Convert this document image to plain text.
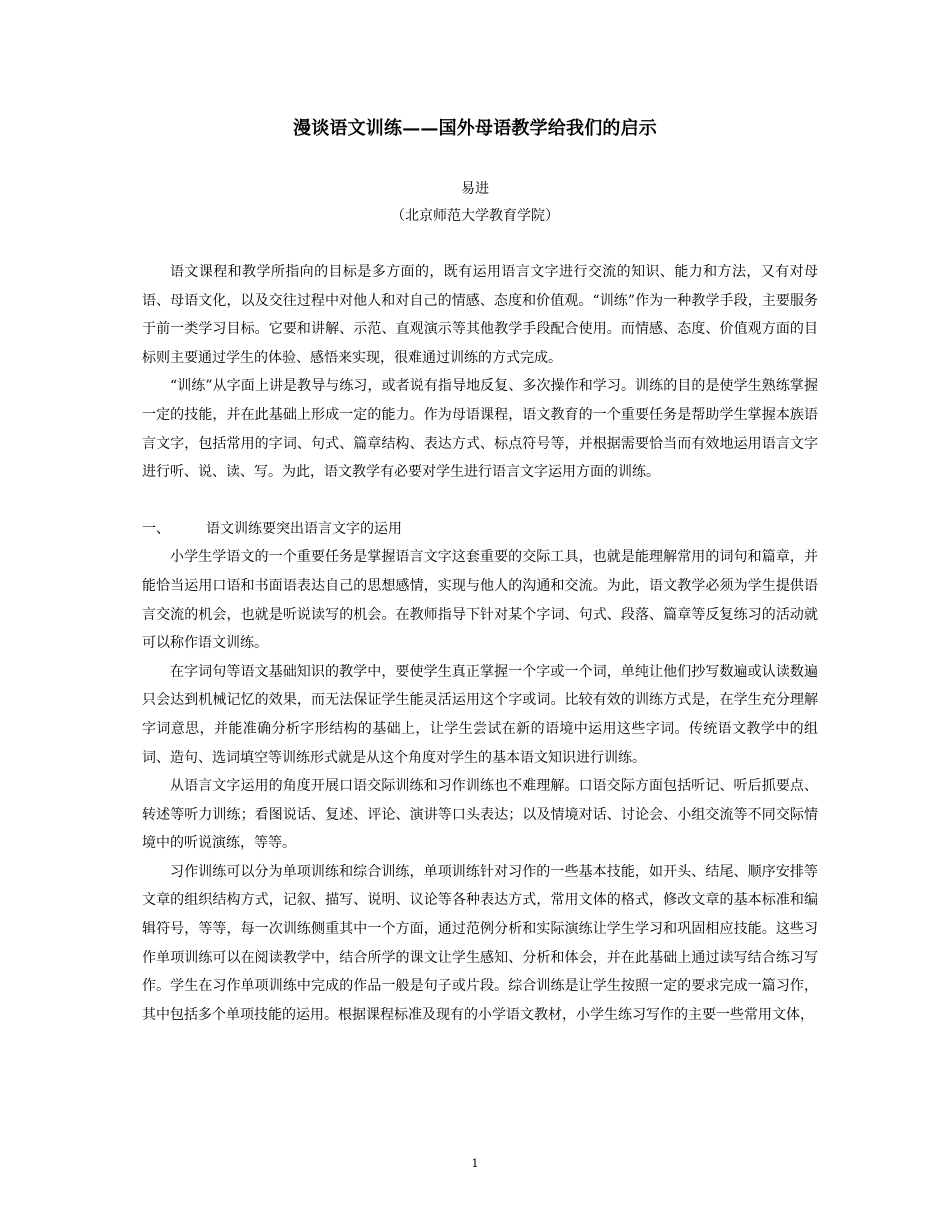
漫谈语文训练——国外母语教学给我们的启示
易进
（北京师范大学教育学院）

语文课程和教学所指向的目标是多方面的，既有运用语言文字进行交流的知识、能力和方法，又有对母语、母语文化，以及交往过程中对他人和对自己的情感、态度和价值观。“训练”作为一种教学手段，主要服务于前一类学习目标。它要和讲解、示范、直观演示等其他教学手段配合使用。而情感、态度、价值观方面的目标则主要通过学生的体验、感悟来实现，很难通过训练的方式完成。

“训练”从字面上讲是教导与练习，或者说有指导地反复、多次操作和学习。训练的目的是使学生熟练掌握一定的技能，并在此基础上形成一定的能力。作为母语课程，语文教育的一个重要任务是帮助学生掌握本族语言文字，包括常用的字词、句式、篇章结构、表达方式、标点符号等，并根据需要恰当而有效地运用语言文字进行听、说、读、写。为此，语文教学有必要对学生进行语言文字运用方面的训练。

一、	语文训练要突出语言文字的运用

小学生学语文的一个重要任务是掌握语言文字这套重要的交际工具，也就是能理解常用的词句和篇章，并能恰当运用口语和书面语表达自己的思想感情，实现与他人的沟通和交流。为此，语文教学必须为学生提供语言交流的机会，也就是听说读写的机会。在教师指导下针对某个字词、句式、段落、篇章等反复练习的活动就可以称作语文训练。

在字词句等语文基础知识的教学中，要使学生真正掌握一个字或一个词，单纯让他们抄写数遍或认读数遍只会达到机械记忆的效果，而无法保证学生能灵活运用这个字或词。比较有效的训练方式是，在学生充分理解字词意思，并能准确分析字形结构的基础上，让学生尝试在新的语境中运用这些字词。传统语文教学中的组词、造句、选词填空等训练形式就是从这个角度对学生的基本语文知识进行训练。

从语言文字运用的角度开展口语交际训练和习作训练也不难理解。口语交际方面包括听记、听后抓要点、转述等听力训练；看图说话、复述、评论、演讲等口头表达；以及情境对话、讨论会、小组交流等不同交际情境中的听说演练，等等。

习作训练可以分为单项训练和综合训练，单项训练针对习作的一些基本技能，如开头、结尾、顺序安排等文章的组织结构方式，记叙、描写、说明、议论等各种表达方式，常用文体的格式，修改文章的基本标准和编辑符号，等等，每一次训练侧重其中一个方面，通过范例分析和实际演练让学生学习和巩固相应技能。这些习作单项训练可以在阅读教学中，结合所学的课文让学生感知、分析和体会，并在此基础上通过读写结合练习写作。学生在习作单项训练中完成的作品一般是句子或片段。综合训练是让学生按照一定的要求完成一篇习作，其中包括多个单项技能的运用。根据课程标准及现有的小学语文教材，小学生练习写作的主要一些常用文体，

1
